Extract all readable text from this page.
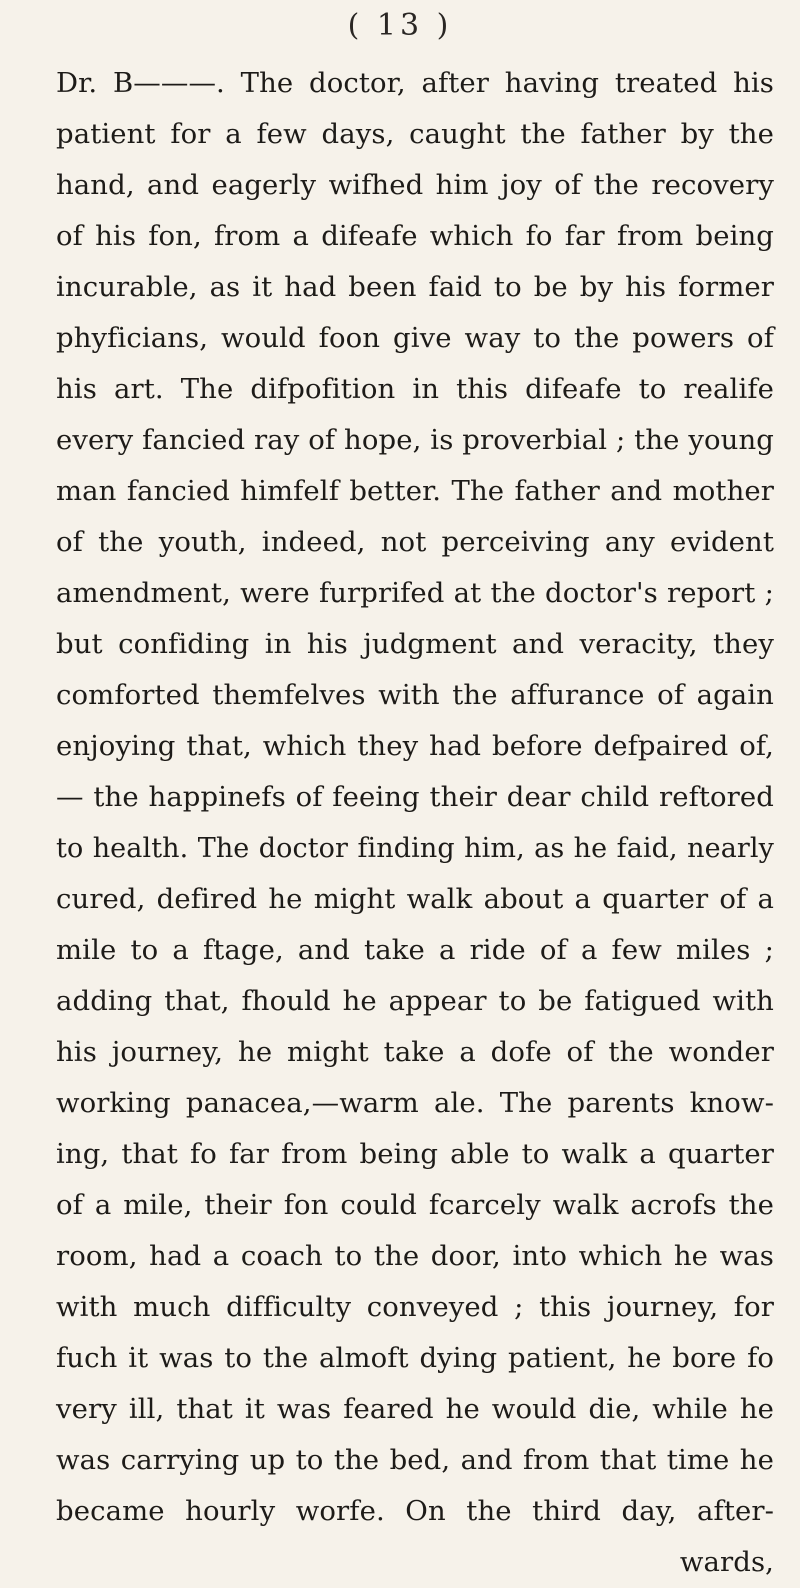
( 13 )
Dr. B———. The doctor, after having treated his
patient for a few days, caught the father by the
hand, and eagerly wifhed him joy of the recovery
of his fon, from a difeafe which fo far from being
incurable, as it had been faid to be by his former
phyficians, would foon give way to the powers of
his art. The difpofition in this difeafe to realife
every fancied ray of hope, is proverbial ; the young
man fancied himfelf better. The father and mother
of the youth, indeed, not perceiving any evident
amendment, were furprifed at the doctor's report ;
but confiding in his judgment and veracity, they
comforted themfelves with the affurance of again
enjoying that, which they had before defpaired of,
— the happinefs of feeing their dear child reftored
to health. The doctor finding him, as he faid, nearly
cured, defired he might walk about a quarter of a
mile to a ftage, and take a ride of a few miles ;
adding that, fhould he appear to be fatigued with
his journey, he might take a dofe of the wonder
working panacea,—warm ale. The parents know-
ing, that fo far from being able to walk a quarter
of a mile, their fon could fcarcely walk acrofs the
room, had a coach to the door, into which he was
with much difficulty conveyed ; this journey, for
fuch it was to the almoft dying patient, he bore fo
very ill, that it was feared he would die, while he
was carrying up to the bed, and from that time he
became hourly worfe. On the third day, after-
wards,
